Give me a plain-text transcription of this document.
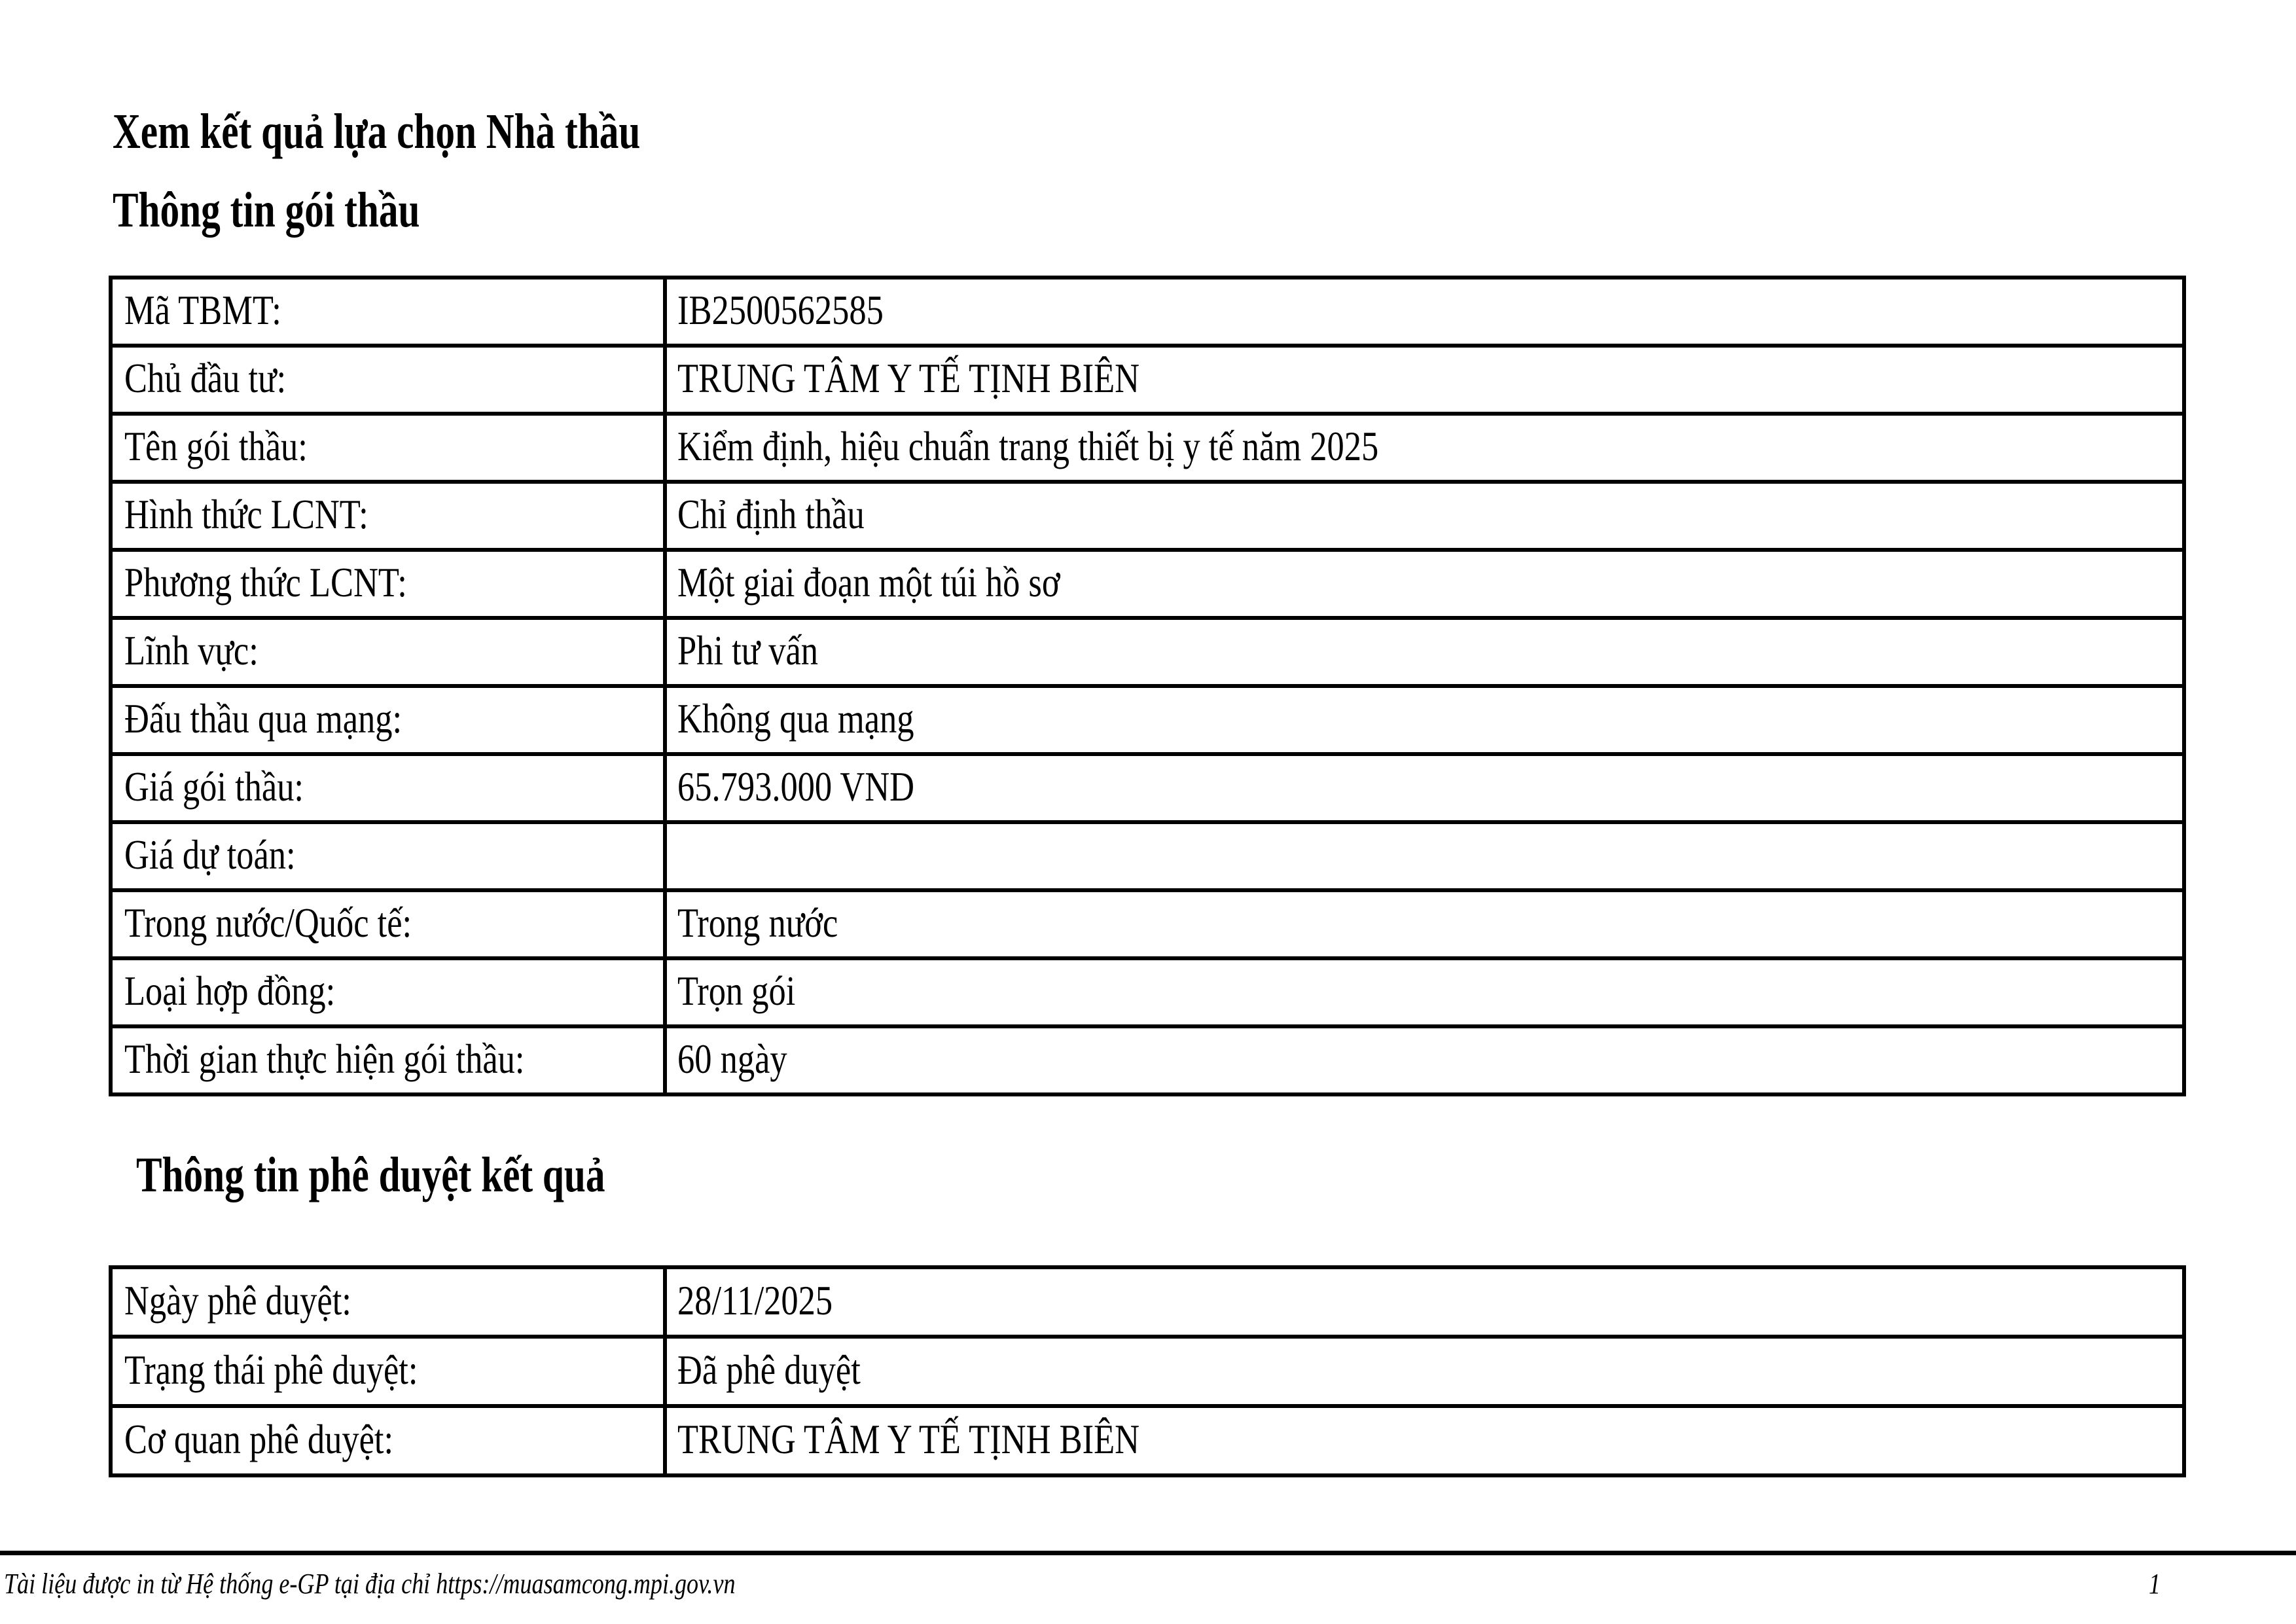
Xem kết quả lựa chọn Nhà thầu
Thông tin gói thầu
Mã TBMT:	IB2500562585
Chủ đầu tư:	TRUNG TÂM Y TẾ TỊNH BIÊN
Tên gói thầu:	Kiểm định, hiệu chuẩn trang thiết bị y tế năm 2025
Hình thức LCNT:	Chỉ định thầu
Phương thức LCNT:	Một giai đoạn một túi hồ sơ
Lĩnh vực:	Phi tư vấn
Đấu thầu qua mạng:	Không qua mạng
Giá gói thầu:	65.793.000 VND
Giá dự toán:	
Trong nước/Quốc tế:	Trong nước
Loại hợp đồng:	Trọn gói
Thời gian thực hiện gói thầu:	60 ngày
Thông tin phê duyệt kết quả
Ngày phê duyệt:	28/11/2025
Trạng thái phê duyệt:	Đã phê duyệt
Cơ quan phê duyệt:	TRUNG TÂM Y TẾ TỊNH BIÊN
Tài liệu được in từ Hệ thống e-GP tại địa chỉ https://muasamcong.mpi.gov.vn	1
